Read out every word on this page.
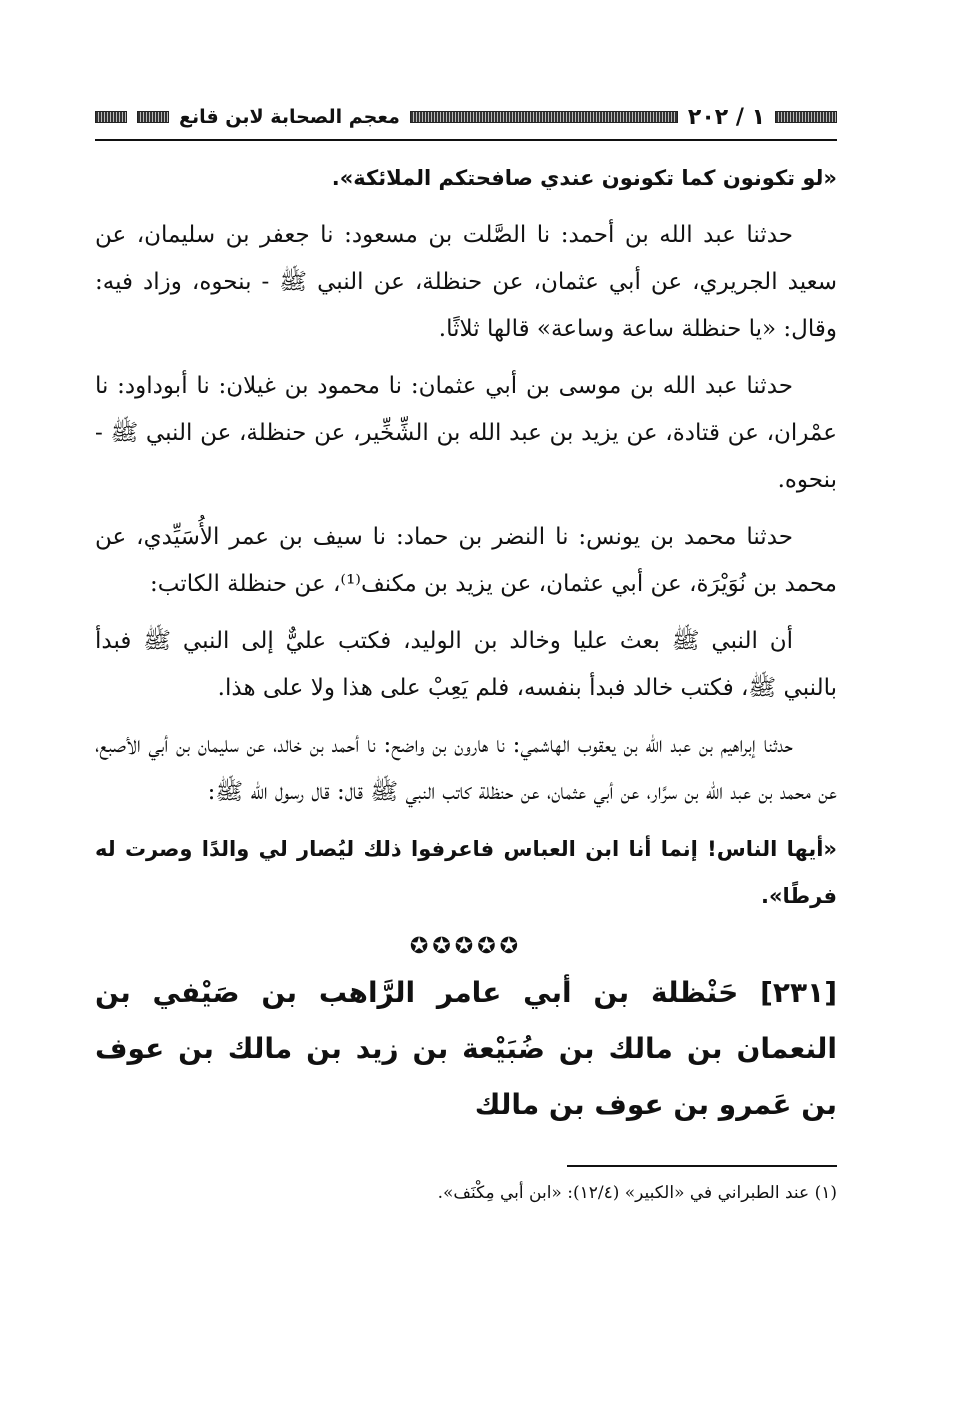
١ / ٢٠٢
معجم الصحابة لابن قانع

«لو تكونون كما تكونون عندي صافحتكم الملائكة».

حدثنا عبد الله بن أحمد: نا الصَّلت بن مسعود: نا جعفر بن سليمان، عن سعيد الجريري، عن أبي عثمان، عن حنظلة، عن النبي ﷺ - بنحوه، وزاد فيه: وقال: «يا حنظلة ساعة وساعة» قالها ثلاثًا.

حدثنا عبد الله بن موسى بن أبي عثمان: نا محمود بن غيلان: نا أبوداود: نا عمْران، عن قتادة، عن يزيد بن عبد الله بن الشِّخِّير، عن حنظلة، عن النبي ﷺ - بنحوه.

حدثنا محمد بن يونس: نا النضر بن حماد: نا سيف بن عمر الأُسَيِّدي، عن محمد بن نُوَيْرَة، عن أبي عثمان، عن يزيد بن مكنف⁽¹⁾، عن حنظلة الكاتب:

أن النبي ﷺ بعث عليا وخالد بن الوليد، فكتب عليٌّ إلى النبي ﷺ فبدأ بالنبي ﷺ، فكتب خالد فبدأ بنفسه، فلم يَعِبْ على هذا ولا على هذا.

حدثنا إبراهيم بن عبد الله بن يعقوب الهاشمي: نا هارون بن واضح: نا أحمد بن خالد، عن سليمان بن أبي الأصبع، عن محمد بن عبد الله بن سرَّار، عن أبي عثمان، عن حنظلة كاتب النبي ﷺ قال: قال رسول الله ﷺ:

«أيها الناس! إنما أنا ابن العباس فاعرفوا ذلك ليُصار لي والدًا وصرت له فرطًا».

✪✪✪✪✪

[٢٣١] حَنْظلة بن أبي عامر الرَّاهب بن صَيْفي بن النعمان بن مالك بن ضُبَيْعة بن زيد بن مالك بن عوف بن عَمرو بن عوف بن مالك

(١) عند الطبراني في «الكبير» (١٢/٤): «ابن أبي مِكْنَف».
